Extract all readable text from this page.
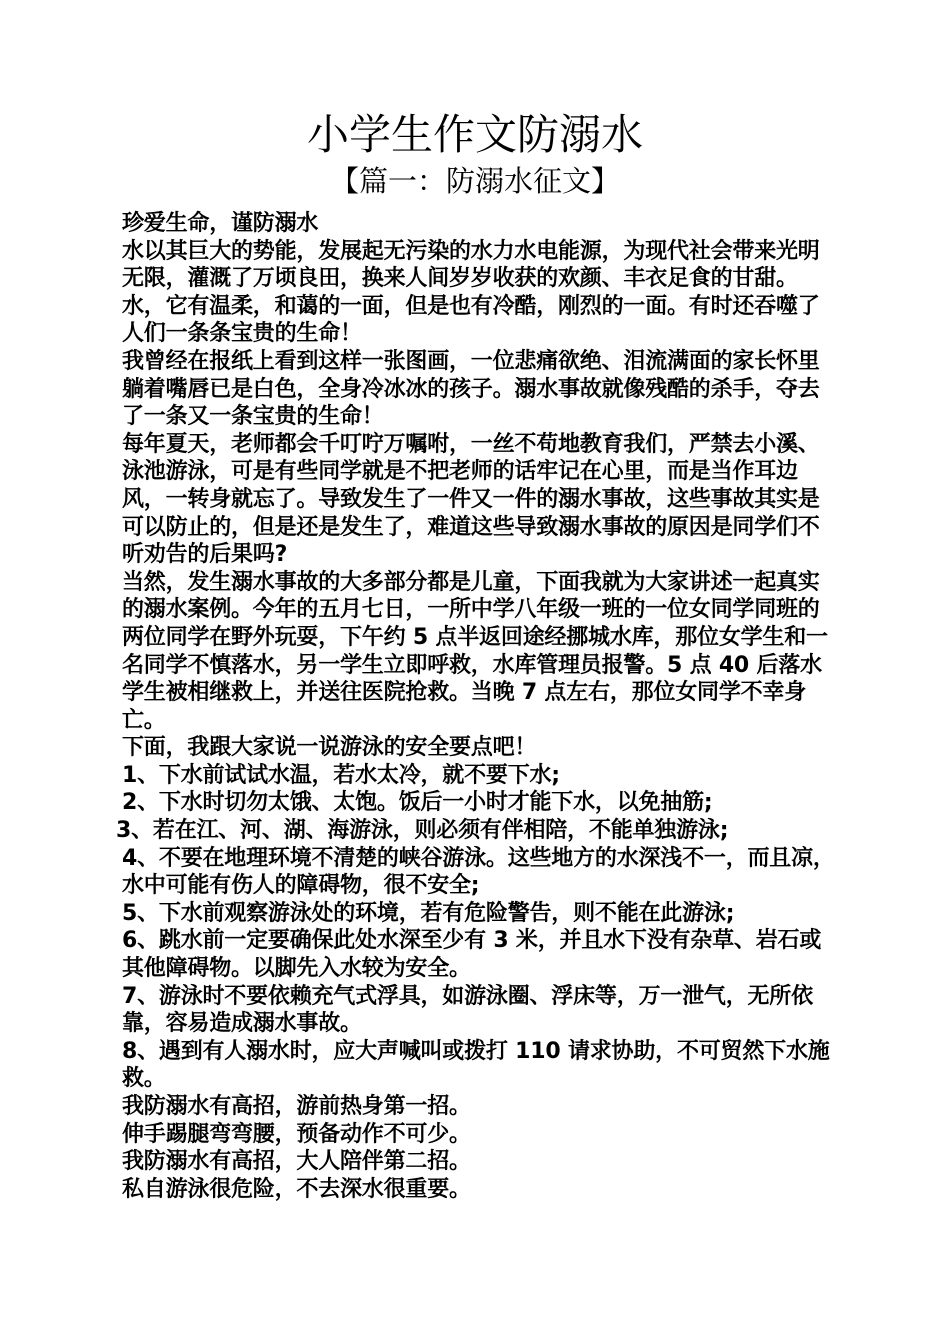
小学生作文防溺水
【篇一：防溺水征文】

珍爱生命，谨防溺水

水以其巨大的势能，发展起无污染的水力水电能源，为现代社会带来光明无限，灌溉了万顷良田，换来人间岁岁收获的欢颜、丰衣足食的甘甜。水，它有温柔，和蔼的一面，但是也有冷酷，刚烈的一面。有时还吞噬了人们一条条宝贵的生命！

我曾经在报纸上看到这样一张图画，一位悲痛欲绝、泪流满面的家长怀里躺着嘴唇已是白色，全身冷冰冰的孩子。溺水事故就像残酷的杀手，夺去了一条又一条宝贵的生命！

每年夏天，老师都会千叮咛万嘱咐，一丝不苟地教育我们，严禁去小溪、泳池游泳，可是有些同学就是不把老师的话牢记在心里，而是当作耳边风，一转身就忘了。导致发生了一件又一件的溺水事故，这些事故其实是可以防止的，但是还是发生了，难道这些导致溺水事故的原因是同学们不听劝告的后果吗?

当然，发生溺水事故的大多部分都是儿童，下面我就为大家讲述一起真实的溺水案例。今年的五月七日，一所中学八年级一班的一位女同学同班的两位同学在野外玩耍，下午约 5 点半返回途经挪城水库，那位女学生和一名同学不慎落水，另一学生立即呼救，水库管理员报警。5 点 40 后落水学生被相继救上，并送往医院抢救。当晚 7 点左右，那位女同学不幸身亡。

下面，我跟大家说一说游泳的安全要点吧！

1、下水前试试水温，若水太冷，就不要下水;

2、下水时切勿太饿、太饱。饭后一小时才能下水，以免抽筋;

3、若在江、河、湖、海游泳，则必须有伴相陪，不能单独游泳;

4、不要在地理环境不清楚的峡谷游泳。这些地方的水深浅不一，而且凉，水中可能有伤人的障碍物，很不安全;

5、下水前观察游泳处的环境，若有危险警告，则不能在此游泳;

6、跳水前一定要确保此处水深至少有 3 米，并且水下没有杂草、岩石或其他障碍物。以脚先入水较为安全。

7、游泳时不要依赖充气式浮具，如游泳圈、浮床等，万一泄气，无所依靠，容易造成溺水事故。

8、遇到有人溺水时，应大声喊叫或拨打 110 请求协助，不可贸然下水施救。

我防溺水有高招，游前热身第一招。

伸手踢腿弯弯腰，预备动作不可少。

我防溺水有高招，大人陪伴第二招。

私自游泳很危险，不去深水很重要。
